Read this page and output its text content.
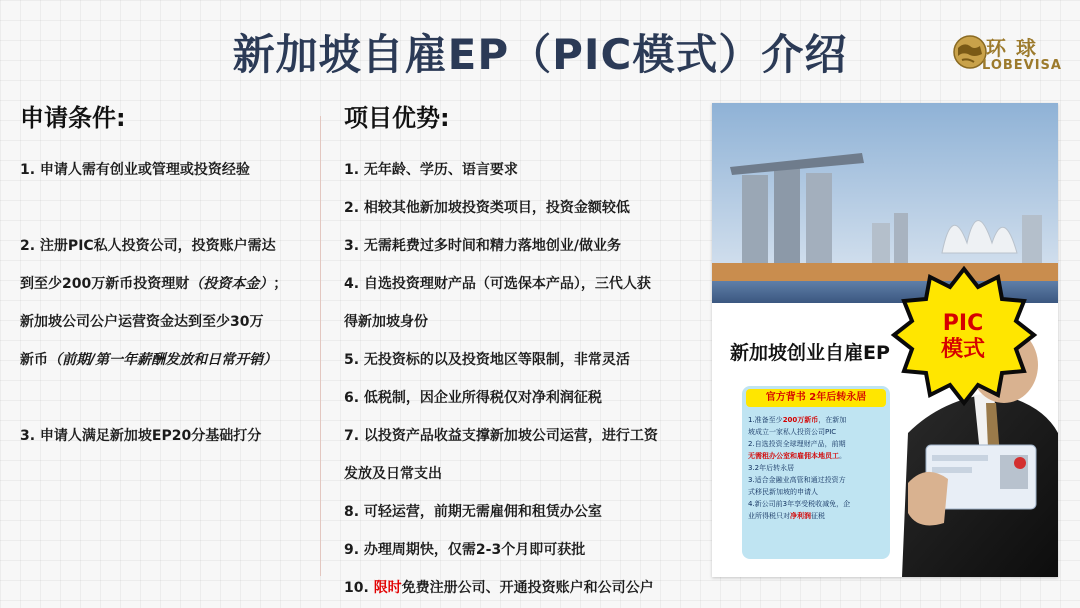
新加坡自雇EP（PIC模式）介绍	环球
LOBEVISA
申请条件:
1. 申请人需有创业或管理或投资经验

2. 注册PIC私人投资公司，投资账户需达
到至少200万新币投资理财（投资本金）；
新加坡公司公户运营资金达到至少30万
新币（前期/第一年薪酬发放和日常开销）

3. 申请人满足新加坡EP20分基础打分
项目优势:
1. 无年龄、学历、语言要求
2. 相较其他新加坡投资类项目，投资金额较低
3. 无需耗费过多时间和精力落地创业/做业务
4. 自选投资理财产品（可选保本产品），三代人获
得新加坡身份
5. 无投资标的以及投资地区等限制，非常灵活
6. 低税制，因企业所得税仅对净利润征税
7. 以投资产品收益支撑新加坡公司运营，进行工资
发放及日常支出
8. 可轻运营，前期无需雇佣和租赁办公室
9. 办理周期快，仅需2-3个月即可获批
10. 限时免费注册公司、开通投资账户和公司公户
PIC
模式
新加坡创业自雇EP
官方背书 2年后转永居
1.准备至少200万新币，在新加
坡成立一家私人投资公司PIC
2.自选投资全球理财产品，前期
无需租办公室和雇佣本地员工。
3.2年后转永居
3.适合金融业高管和通过投资方
式移民新加坡的申请人
4.新公司前3年享受税收减免，企
业所得税只对净利润征税
